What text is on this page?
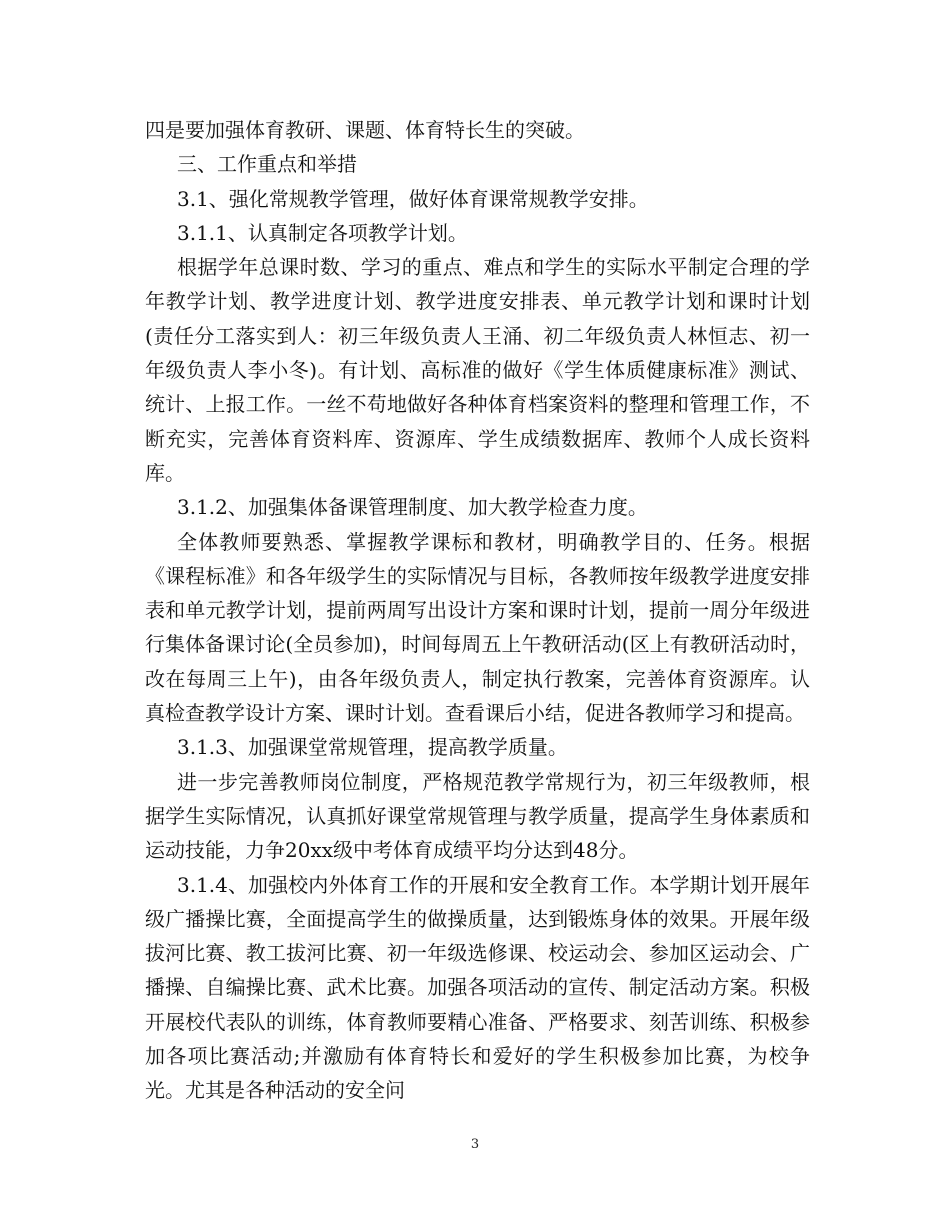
四是要加强体育教研、课题、体育特长生的突破。

三、工作重点和举措

3.1、强化常规教学管理，做好体育课常规教学安排。

3.1.1、认真制定各项教学计划。

根据学年总课时数、学习的重点、难点和学生的实际水平制定合理的学年教学计划、教学进度计划、教学进度安排表、单元教学计划和课时计划(责任分工落实到人：初三年级负责人王涌、初二年级负责人林恒志、初一年级负责人李小冬)。有计划、高标准的做好《学生体质健康标准》测试、统计、上报工作。一丝不苟地做好各种体育档案资料的整理和管理工作，不断充实，完善体育资料库、资源库、学生成绩数据库、教师个人成长资料库。

3.1.2、加强集体备课管理制度、加大教学检查力度。

全体教师要熟悉、掌握教学课标和教材，明确教学目的、任务。根据《课程标准》和各年级学生的实际情况与目标，各教师按年级教学进度安排表和单元教学计划，提前两周写出设计方案和课时计划，提前一周分年级进行集体备课讨论(全员参加)，时间每周五上午教研活动(区上有教研活动时，改在每周三上午)，由各年级负责人，制定执行教案，完善体育资源库。认真检查教学设计方案、课时计划。查看课后小结，促进各教师学习和提高。

3.1.3、加强课堂常规管理，提高教学质量。

进一步完善教师岗位制度，严格规范教学常规行为，初三年级教师，根据学生实际情况，认真抓好课堂常规管理与教学质量，提高学生身体素质和运动技能，力争20xx级中考体育成绩平均分达到48分。

3.1.4、加强校内外体育工作的开展和安全教育工作。本学期计划开展年级广播操比赛，全面提高学生的做操质量，达到锻炼身体的效果。开展年级拔河比赛、教工拔河比赛、初一年级选修课、校运动会、参加区运动会、广播操、自编操比赛、武术比赛。加强各项活动的宣传、制定活动方案。积极开展校代表队的训练，体育教师要精心准备、严格要求、刻苦训练、积极参加各项比赛活动;并激励有体育特长和爱好的学生积极参加比赛，为校争光。尤其是各种活动的安全问

3
